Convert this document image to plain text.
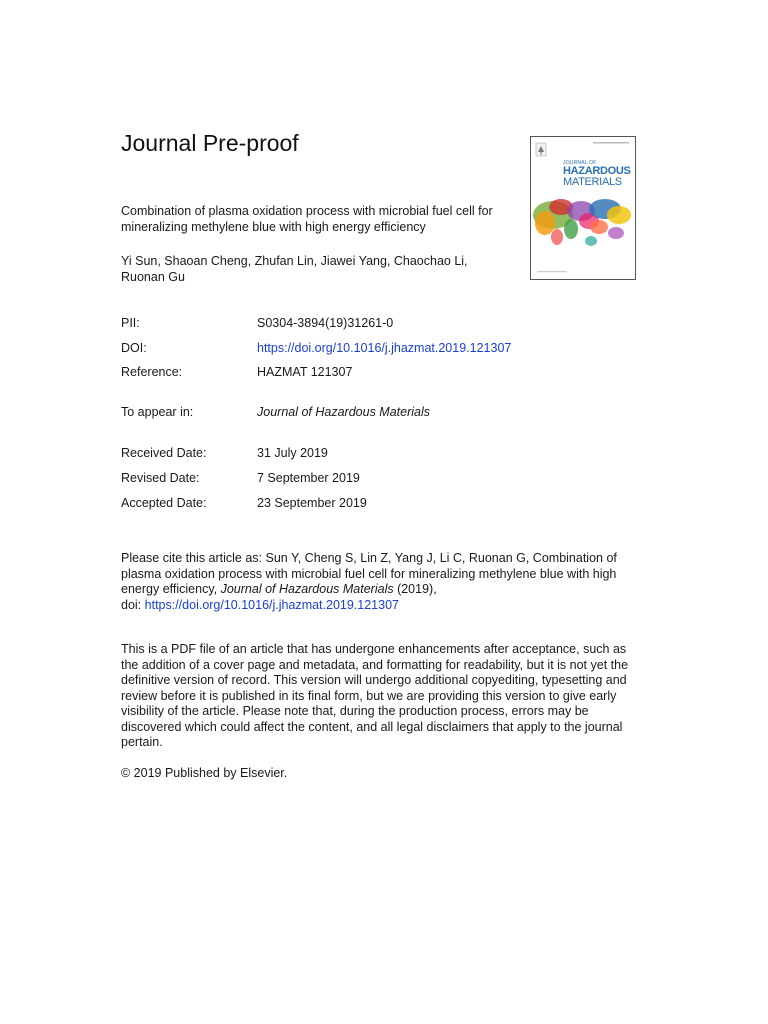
Journal Pre-proof
JOURNAL OF
HAZARDOUS
MATERIALS
Combination of plasma oxidation process with microbial fuel cell for mineralizing methylene blue with high energy efficiency
Yi Sun, Shaoan Cheng, Zhufan Lin, Jiawei Yang, Chaochao Li, Ruonan Gu
PII:	S0304-3894(19)31261-0
DOI:	https://doi.org/10.1016/j.jhazmat.2019.121307
Reference:	HAZMAT 121307
To appear in:	Journal of Hazardous Materials
Received Date:	31 July 2019
Revised Date:	7 September 2019
Accepted Date:	23 September 2019
Please cite this article as: Sun Y, Cheng S, Lin Z, Yang J, Li C, Ruonan G, Combination of plasma oxidation process with microbial fuel cell for mineralizing methylene blue with high energy efficiency, Journal of Hazardous Materials (2019),
doi: https://doi.org/10.1016/j.jhazmat.2019.121307
This is a PDF file of an article that has undergone enhancements after acceptance, such as the addition of a cover page and metadata, and formatting for readability, but it is not yet the definitive version of record. This version will undergo additional copyediting, typesetting and review before it is published in its final form, but we are providing this version to give early visibility of the article. Please note that, during the production process, errors may be discovered which could affect the content, and all legal disclaimers that apply to the journal pertain.
© 2019 Published by Elsevier.
